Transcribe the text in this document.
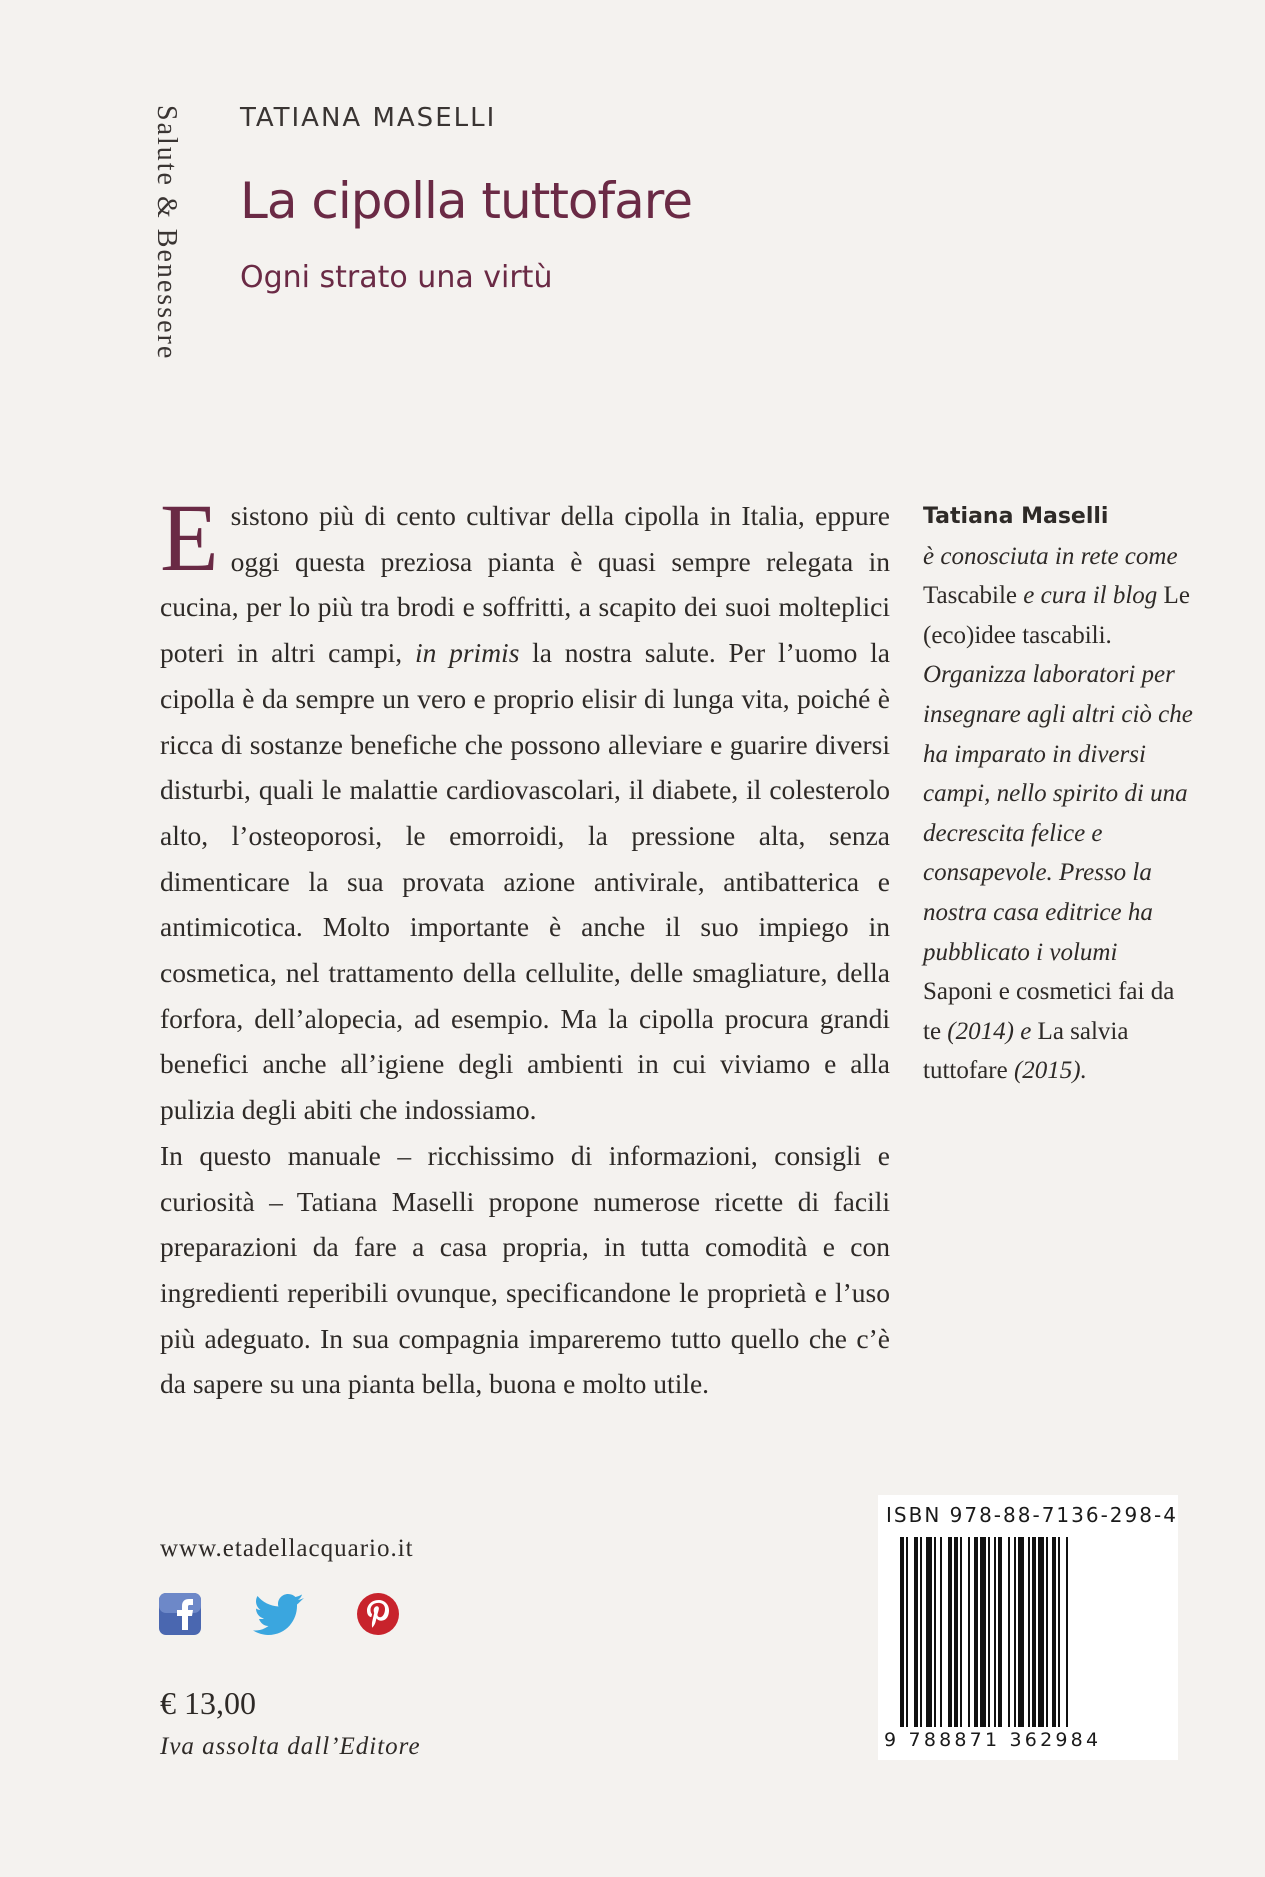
Salute & Benessere TATIANA MASELLI
La cipolla tuttofare
Ogni strato una virtù

Esistono più di cento cultivar della cipolla in Italia, eppure oggi questa preziosa pianta è quasi sempre relegata in cucina, per lo più tra brodi e soffritti, a scapito dei suoi molteplici poteri in altri campi, in primis la nostra salute. Per l’uomo la cipolla è da sempre un vero e proprio elisir di lunga vita, poiché è ricca di sostanze benefiche che possono alleviare e guarire diversi disturbi, quali le malattie cardiovascolari, il diabete, il colesterolo alto, l’osteoporosi, le emorroidi, la pressione alta, senza dimenticare la sua provata azione antivirale, antibatterica e antimicotica. Molto importante è anche il suo impiego in cosmetica, nel trattamento della cellulite, delle smagliature, della forfora, dell’alopecia, ad esempio. Ma la cipolla procura grandi benefici anche all’igiene degli ambienti in cui viviamo e alla pulizia degli abiti che indossiamo.

In questo manuale – ricchissimo di informazioni, consigli e curiosità – Tatiana Maselli propone numerose ricette di facili preparazioni da fare a casa propria, in tutta comodità e con ingredienti reperibili ovunque, specificandone le proprietà e l’uso più adeguato. In sua compagnia impareremo tutto quello che c’è da sapere su una pianta bella, buona e molto utile.

Tatiana Maselli
è conosciuta in rete come Tascabile e cura il blog Le (eco)idee tascabili. Organizza laboratori per insegnare agli altri ciò che ha imparato in diversi campi, nello spirito di una decrescita felice e consapevole. Presso la nostra casa editrice ha pubblicato i volumi Saponi e cosmetici fai da te (2014) e La salvia tuttofare (2015).
www.etadellacquario.it
€ 13,00
Iva assolta dall’Editore
ISBN 978-88-7136-298-4
9 788871 362984
